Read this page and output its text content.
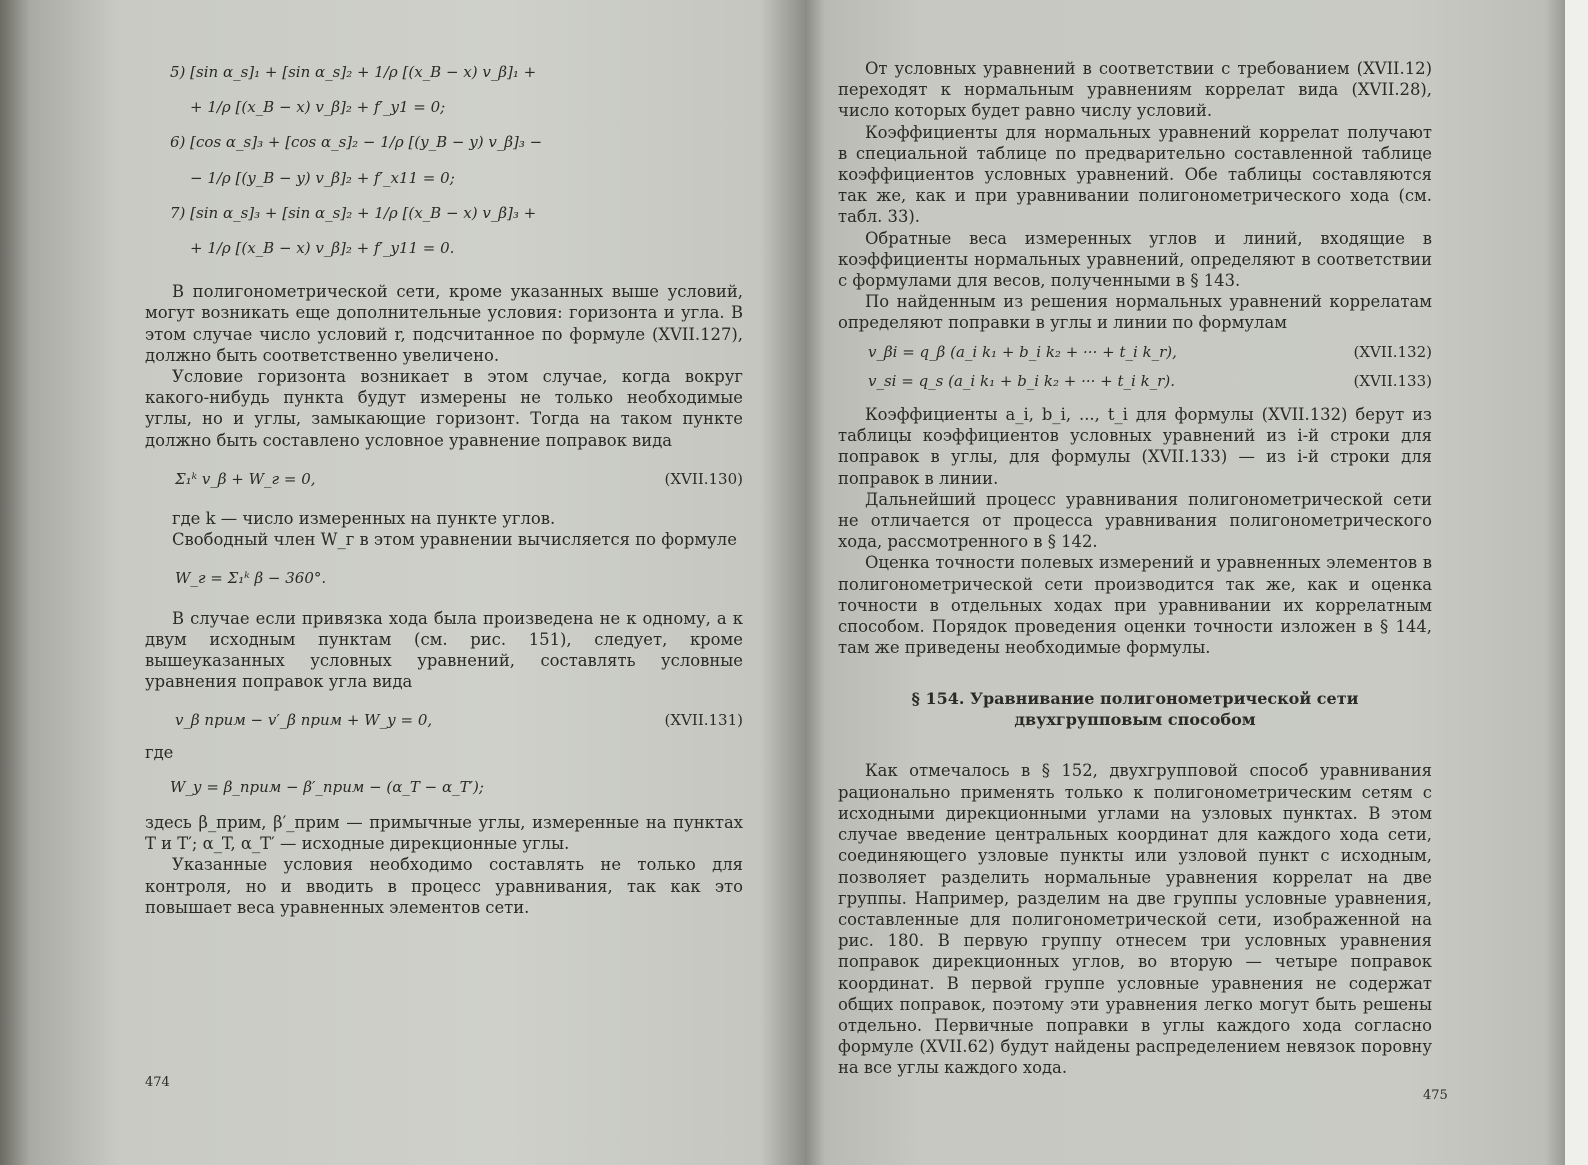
5) [sin α_s]₁ + [sin α_s]₂ + 1/ρ [(x_B − x) v_β]₁ +
+ 1/ρ [(x_B − x) v_β]₂ + f′_y1 = 0;
6) [cos α_s]₃ + [cos α_s]₂ − 1/ρ [(y_B − y) v_β]₃ −
− 1/ρ [(y_B − y) v_β]₂ + f′_x11 = 0;
7) [sin α_s]₃ + [sin α_s]₂ + 1/ρ [(x_B − x) v_β]₃ +
+ 1/ρ [(x_B − x) v_β]₂ + f′_y11 = 0.

В полигонометрической сети, кроме указанных выше условий, могут возникать еще дополнительные условия: горизонта и угла. В этом случае число условий r, подсчитанное по формуле (XVII.127), должно быть соответственно увеличено.

Условие горизонта возникает в этом случае, когда вокруг какого-нибудь пункта будут измерены не только необходимые углы, но и углы, замыкающие горизонт. Тогда на таком пункте должно быть составлено условное уравнение поправок вида

Σ₁ᵏ v_β + W_г = 0,	(XVII.130)

где k — число измеренных на пункте углов.

Свободный член W_г в этом уравнении вычисляется по формуле

W_г = Σ₁ᵏ β − 360°.

В случае если привязка хода была произведена не к одному, а к двум исходным пунктам (см. рис. 151), следует, кроме вышеуказанных условных уравнений, составлять условные уравнения поправок угла вида

v_β прим − v′_β прим + W_у = 0,	(XVII.131)
где
W_у = β_прим − β′_прим − (α_T − α_T′);

здесь β_прим, β′_прим — примычные углы, измеренные на пунктах T и T′; α_T, α_T′ — исходные дирекционные углы.

Указанные условия необходимо составлять не только для контроля, но и вводить в процесс уравнивания, так как это повышает веса уравненных элементов сети.

474

От условных уравнений в соответствии с требованием (XVII.12) переходят к нормальным уравнениям коррелат вида (XVII.28), число которых будет равно числу условий.

Коэффициенты для нормальных уравнений коррелат получают в специальной таблице по предварительно составленной таблице коэффициентов условных уравнений. Обе таблицы составляются так же, как и при уравнивании полигонометрического хода (см. табл. 33).

Обратные веса измеренных углов и линий, входящие в коэффициенты нормальных уравнений, определяют в соответствии с формулами для весов, полученными в § 143.

По найденным из решения нормальных уравнений коррелатам определяют поправки в углы и линии по формулам

v_βi = q_β (a_i k₁ + b_i k₂ + ··· + t_i k_r),	(XVII.132)
v_si = q_s (a_i k₁ + b_i k₂ + ··· + t_i k_r).	(XVII.133)

Коэффициенты a_i, b_i, ..., t_i для формулы (XVII.132) берут из таблицы коэффициентов условных уравнений из i-й строки для поправок в углы, для формулы (XVII.133) — из i-й строки для поправок в линии.

Дальнейший процесс уравнивания полигонометрической сети не отличается от процесса уравнивания полигонометрического хода, рассмотренного в § 142.

Оценка точности полевых измерений и уравненных элементов в полигонометрической сети производится так же, как и оценка точности в отдельных ходах при уравнивании их коррелатным способом. Порядок проведения оценки точности изложен в § 144, там же приведены необходимые формулы.

§ 154. Уравнивание полигонометрической сети
двухгрупповым способом

Как отмечалось в § 152, двухгрупповой способ уравнивания рационально применять только к полигонометрическим сетям с исходными дирекционными углами на узловых пунктах. В этом случае введение центральных координат для каждого хода сети, соединяющего узловые пункты или узловой пункт с исходным, позволяет разделить нормальные уравнения коррелат на две группы. Например, разделим на две группы условные уравнения, составленные для полигонометрической сети, изображенной на рис. 180. В первую группу отнесем три условных уравнения поправок дирекционных углов, во вторую — четыре поправок координат. В первой группе условные уравнения не содержат общих поправок, поэтому эти уравнения легко могут быть решены отдельно. Первичные поправки в углы каждого хода согласно формуле (XVII.62) будут найдены распределением невязок поровну на все углы каждого хода.

475
